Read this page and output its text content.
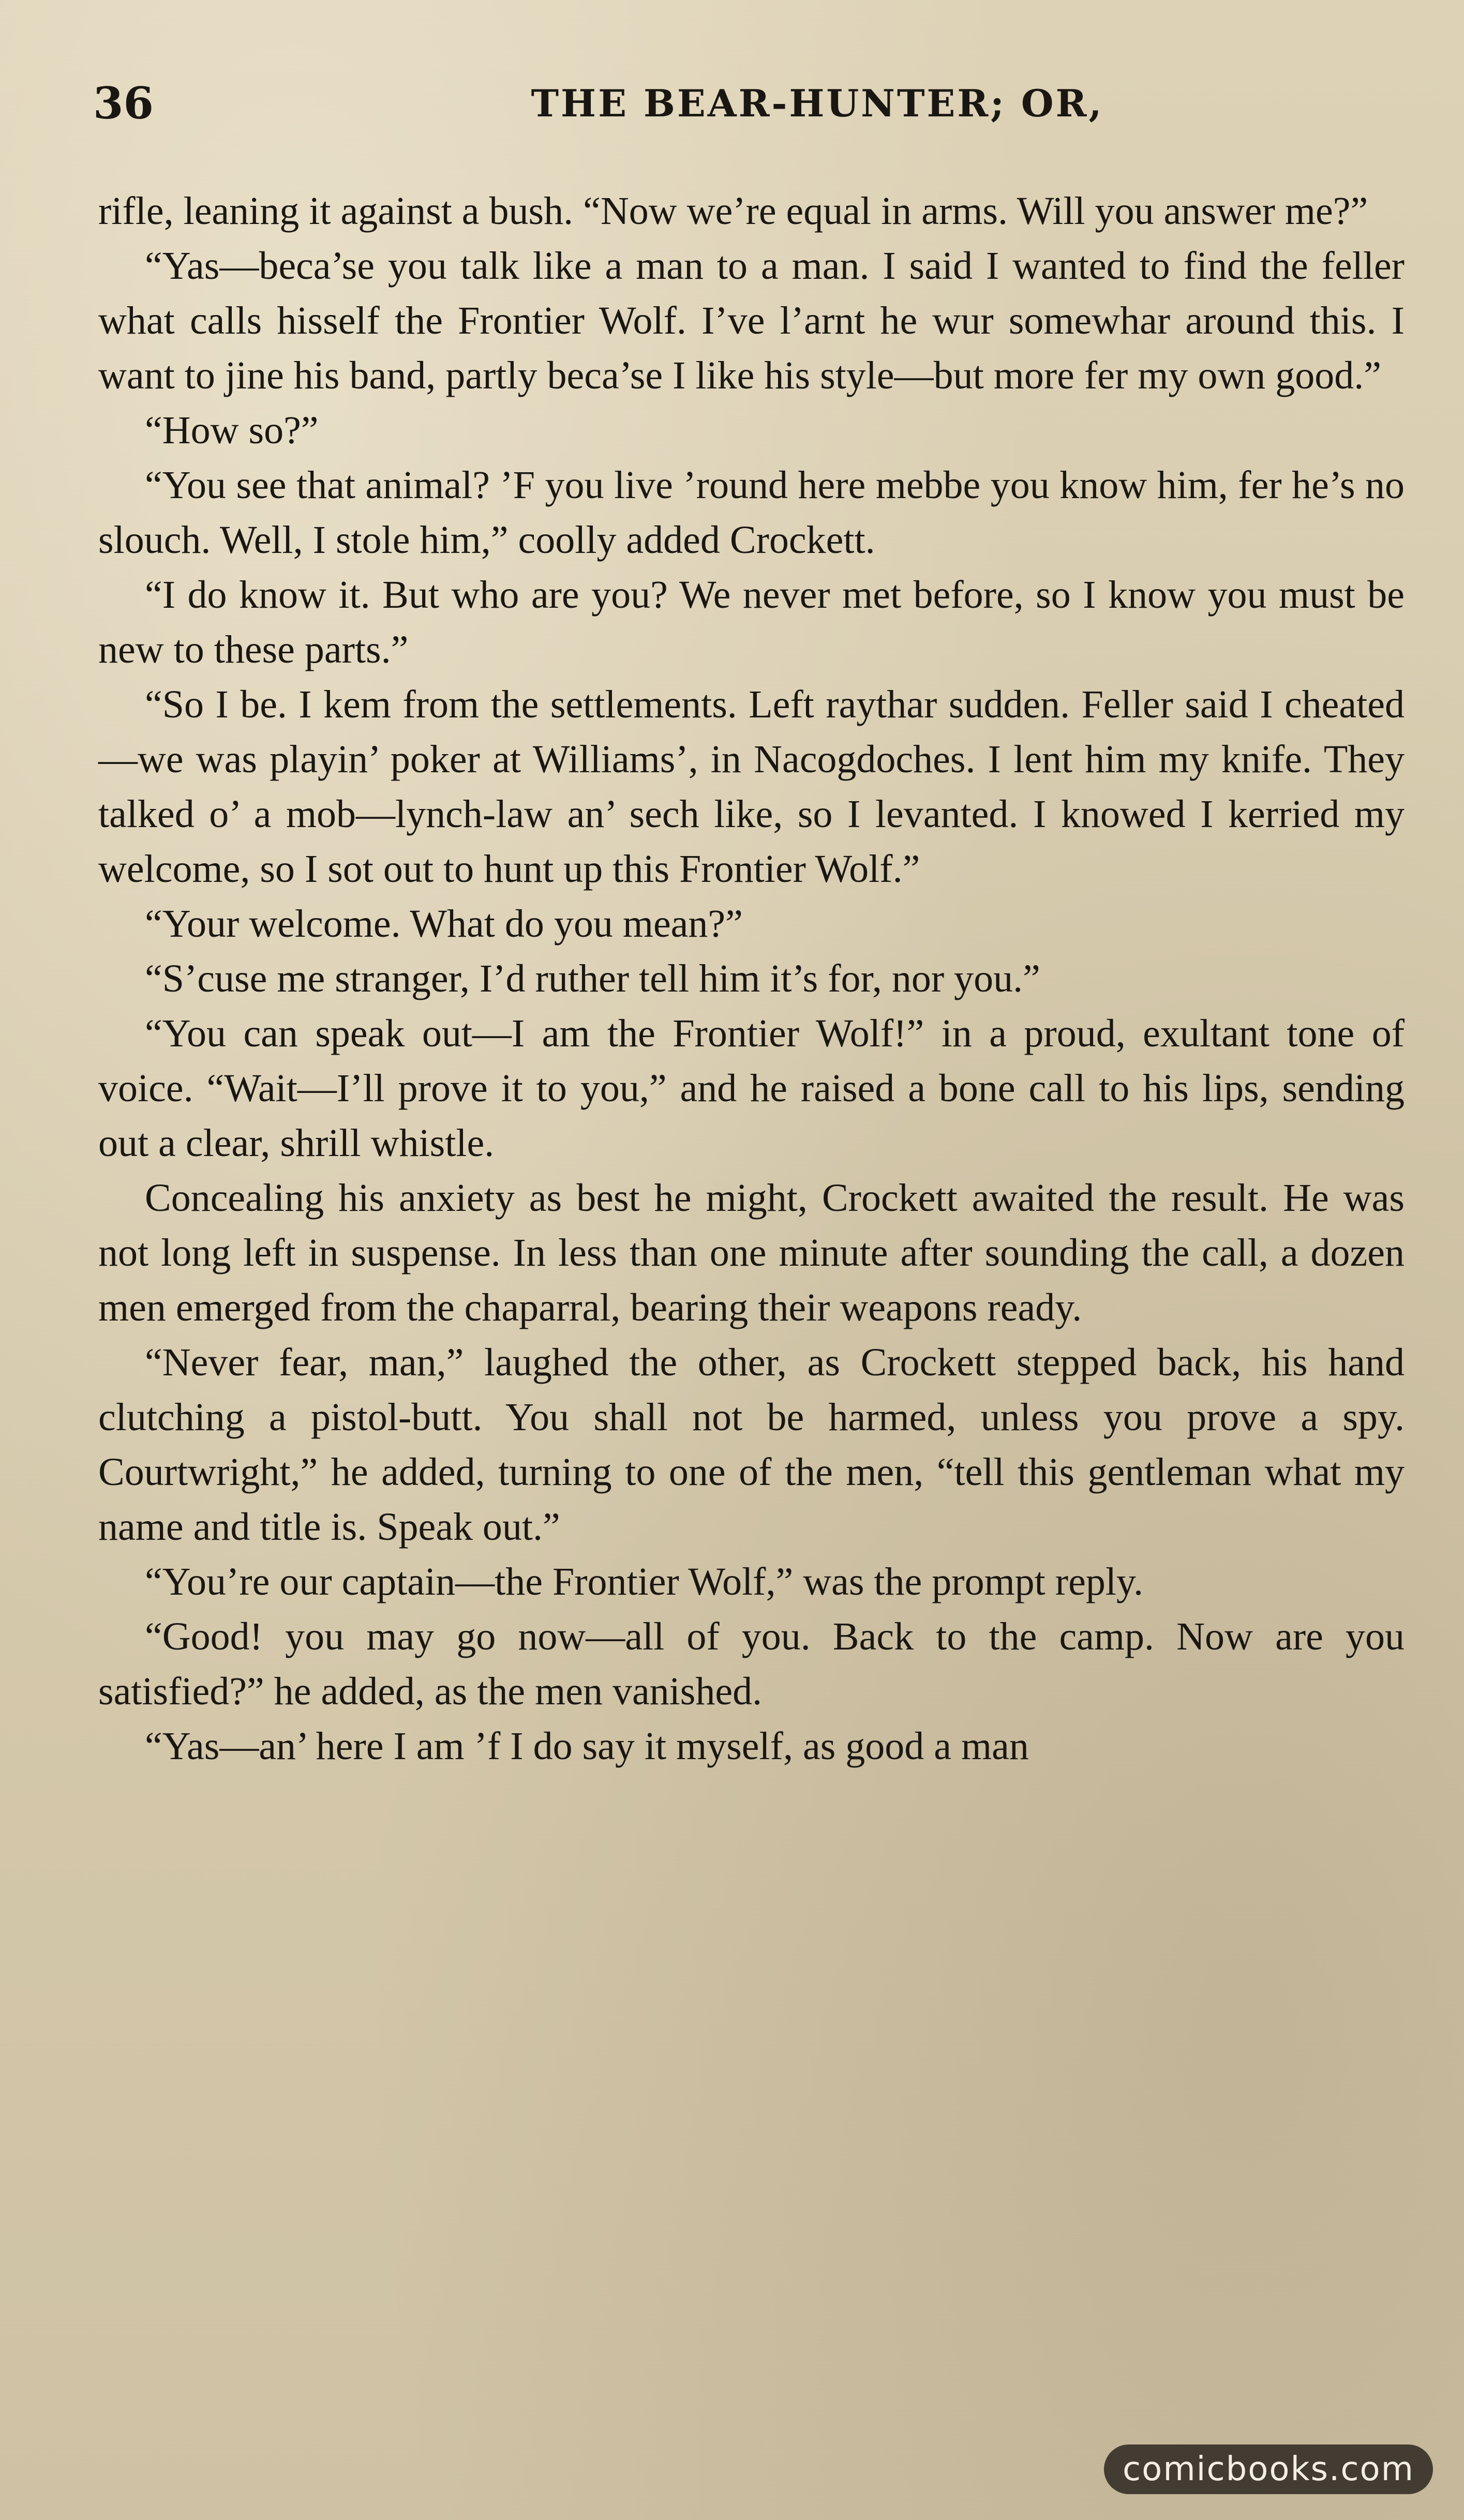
36	THE BEAR-HUNTER; OR,

rifle, leaning it against a bush. “Now we’re equal in arms. Will you answer me?”

“Yas—beca’se you talk like a man to a man. I said I wanted to find the feller what calls hisself the Frontier Wolf. I’ve l’arnt he wur somewhar around this. I want to jine his band, partly beca’se I like his style—but more fer my own good.”

“How so?”

“You see that animal? ’F you live ’round here mebbe you know him, fer he’s no slouch. Well, I stole him,” coolly added Crockett.

“I do know it. But who are you? We never met before, so I know you must be new to these parts.”

“So I be. I kem from the settlements. Left raythar sudden. Feller said I cheated—we was playin’ poker at Williams’, in Nacogdoches. I lent him my knife. They talked o’ a mob—lynch-law an’ sech like, so I levanted. I knowed I kerried my welcome, so I sot out to hunt up this Frontier Wolf.”

“Your welcome. What do you mean?”

“S’cuse me stranger, I’d ruther tell him it’s for, nor you.”

“You can speak out—I am the Frontier Wolf!” in a proud, exultant tone of voice. “Wait—I’ll prove it to you,” and he raised a bone call to his lips, sending out a clear, shrill whistle.

Concealing his anxiety as best he might, Crockett awaited the result. He was not long left in suspense. In less than one minute after sounding the call, a dozen men emerged from the chaparral, bearing their weapons ready.

“Never fear, man,” laughed the other, as Crockett stepped back, his hand clutching a pistol-butt. You shall not be harmed, unless you prove a spy. Courtwright,” he added, turning to one of the men, “tell this gentleman what my name and title is. Speak out.”

“You’re our captain—the Frontier Wolf,” was the prompt reply.

“Good! you may go now—all of you. Back to the camp. Now are you satisfied?” he added, as the men vanished.

“Yas—an’ here I am ’f I do say it myself, as good a man

comicbooks.com
